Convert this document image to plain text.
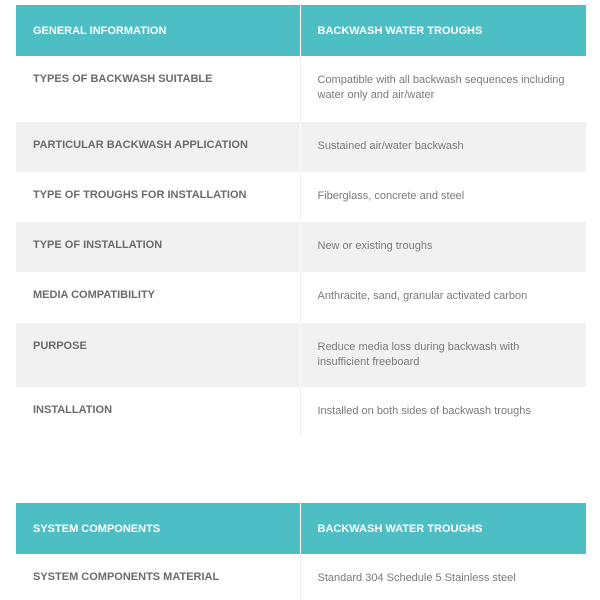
GENERAL INFORMATION	BACKWASH WATER TROUGHS
TYPES OF BACKWASH SUITABLE	Compatible with all backwash sequences including water only and air/water
PARTICULAR BACKWASH APPLICATION	Sustained air/water backwash
TYPE OF TROUGHS FOR INSTALLATION	Fiberglass, concrete and steel
TYPE OF INSTALLATION	New or existing troughs
MEDIA COMPATIBILITY	Anthracite, sand, granular activated carbon
PURPOSE	Reduce media loss during backwash with insufficient freeboard
INSTALLATION	Installed on both sides of backwash troughs
SYSTEM COMPONENTS	BACKWASH WATER TROUGHS
SYSTEM COMPONENTS MATERIAL	Standard 304 Schedule 5 Stainless steel
